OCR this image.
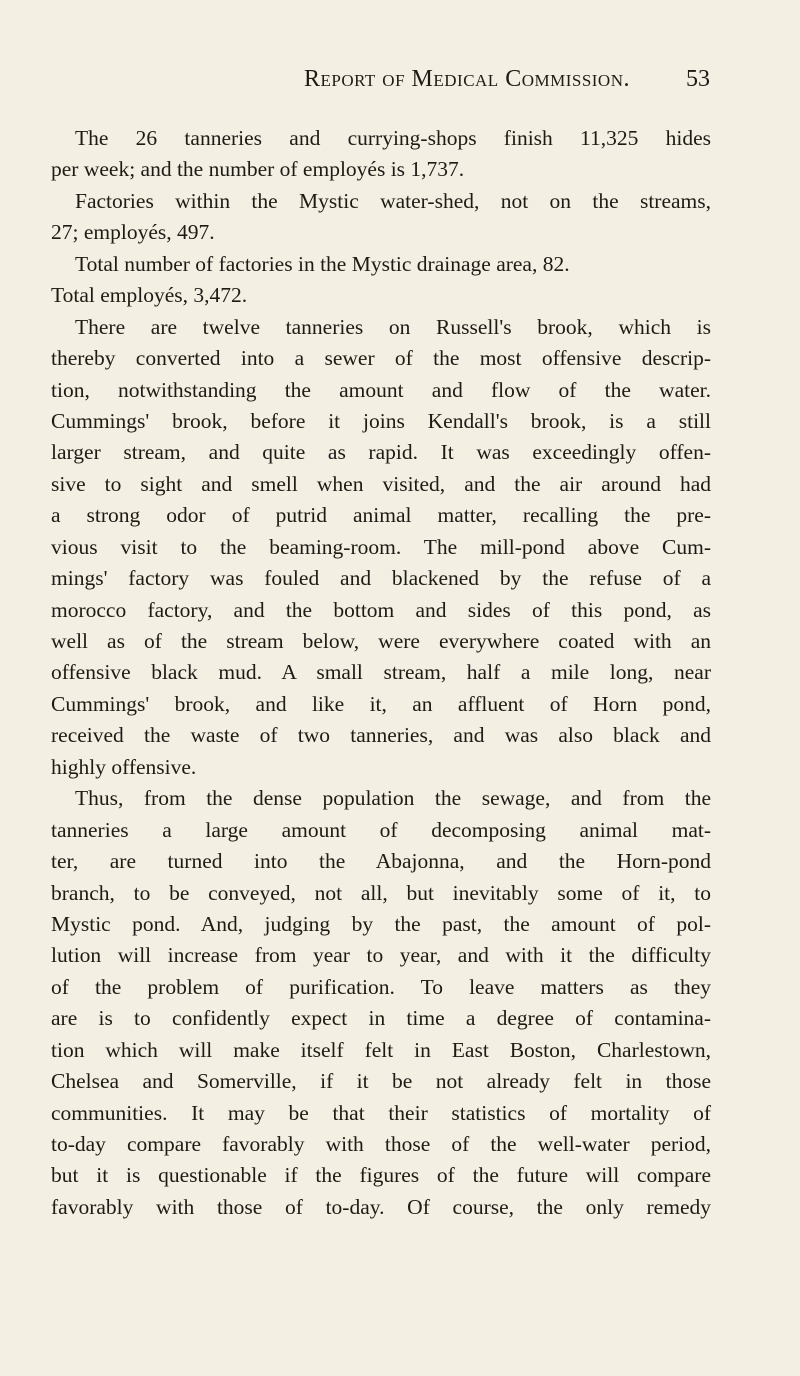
Report of Medical Commission. 53
The 26 tanneries and currying-shops finish 11,325 hides
per week; and the number of employés is 1,737.
Factories within the Mystic water-shed, not on the streams,
27; employés, 497.
Total number of factories in the Mystic drainage area, 82.
Total employés, 3,472.
There are twelve tanneries on Russell's brook, which is
thereby converted into a sewer of the most offensive descrip-
tion, notwithstanding the amount and flow of the water.
Cummings' brook, before it joins Kendall's brook, is a still
larger stream, and quite as rapid. It was exceedingly offen-
sive to sight and smell when visited, and the air around had
a strong odor of putrid animal matter, recalling the pre-
vious visit to the beaming-room. The mill-pond above Cum-
mings' factory was fouled and blackened by the refuse of a
morocco factory, and the bottom and sides of this pond, as
well as of the stream below, were everywhere coated with an
offensive black mud. A small stream, half a mile long, near
Cummings' brook, and like it, an affluent of Horn pond,
received the waste of two tanneries, and was also black and
highly offensive.
Thus, from the dense population the sewage, and from the
tanneries a large amount of decomposing animal mat-
ter, are turned into the Abajonna, and the Horn-pond
branch, to be conveyed, not all, but inevitably some of it, to
Mystic pond. And, judging by the past, the amount of pol-
lution will increase from year to year, and with it the difficulty
of the problem of purification. To leave matters as they
are is to confidently expect in time a degree of contamina-
tion which will make itself felt in East Boston, Charlestown,
Chelsea and Somerville, if it be not already felt in those
communities. It may be that their statistics of mortality of
to-day compare favorably with those of the well-water period,
but it is questionable if the figures of the future will compare
favorably with those of to-day. Of course, the only remedy
